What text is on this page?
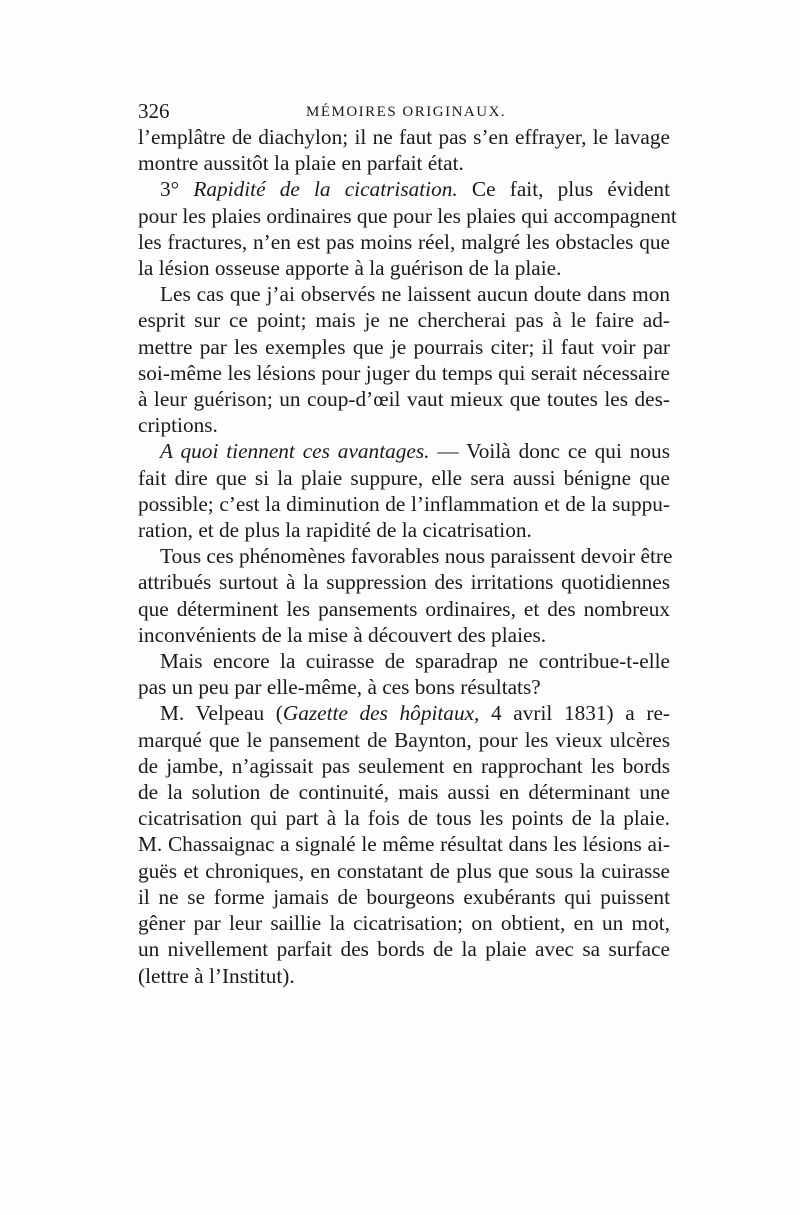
326	MÉMOIRES ORIGINAUX.

l’emplâtre de diachylon; il ne faut pas s’en effrayer, le lavage
montre aussitôt la plaie en parfait état.

3° Rapidité de la cicatrisation. Ce fait, plus évident
pour les plaies ordinaires que pour les plaies qui accompagnent
les fractures, n’en est pas moins réel, malgré les obstacles que
la lésion osseuse apporte à la guérison de la plaie.

Les cas que j’ai observés ne laissent aucun doute dans mon
esprit sur ce point; mais je ne chercherai pas à le faire ad-
mettre par les exemples que je pourrais citer; il faut voir par
soi-même les lésions pour juger du temps qui serait nécessaire
à leur guérison; un coup-d’œil vaut mieux que toutes les des-
criptions.

A quoi tiennent ces avantages. — Voilà donc ce qui nous
fait dire que si la plaie suppure, elle sera aussi bénigne que
possible; c’est la diminution de l’inflammation et de la suppu-
ration, et de plus la rapidité de la cicatrisation.

Tous ces phénomènes favorables nous paraissent devoir être
attribués surtout à la suppression des irritations quotidiennes
que déterminent les pansements ordinaires, et des nombreux
inconvénients de la mise à découvert des plaies.

Mais encore la cuirasse de sparadrap ne contribue-t-elle
pas un peu par elle-même, à ces bons résultats?

M. Velpeau (Gazette des hôpitaux, 4 avril 1831) a re-
marqué que le pansement de Baynton, pour les vieux ulcères
de jambe, n’agissait pas seulement en rapprochant les bords
de la solution de continuité, mais aussi en déterminant une
cicatrisation qui part à la fois de tous les points de la plaie.
M. Chassaignac a signalé le même résultat dans les lésions ai-
guës et chroniques, en constatant de plus que sous la cuirasse
il ne se forme jamais de bourgeons exubérants qui puissent
gêner par leur saillie la cicatrisation; on obtient, en un mot,
un nivellement parfait des bords de la plaie avec sa surface
(lettre à l’Institut).
